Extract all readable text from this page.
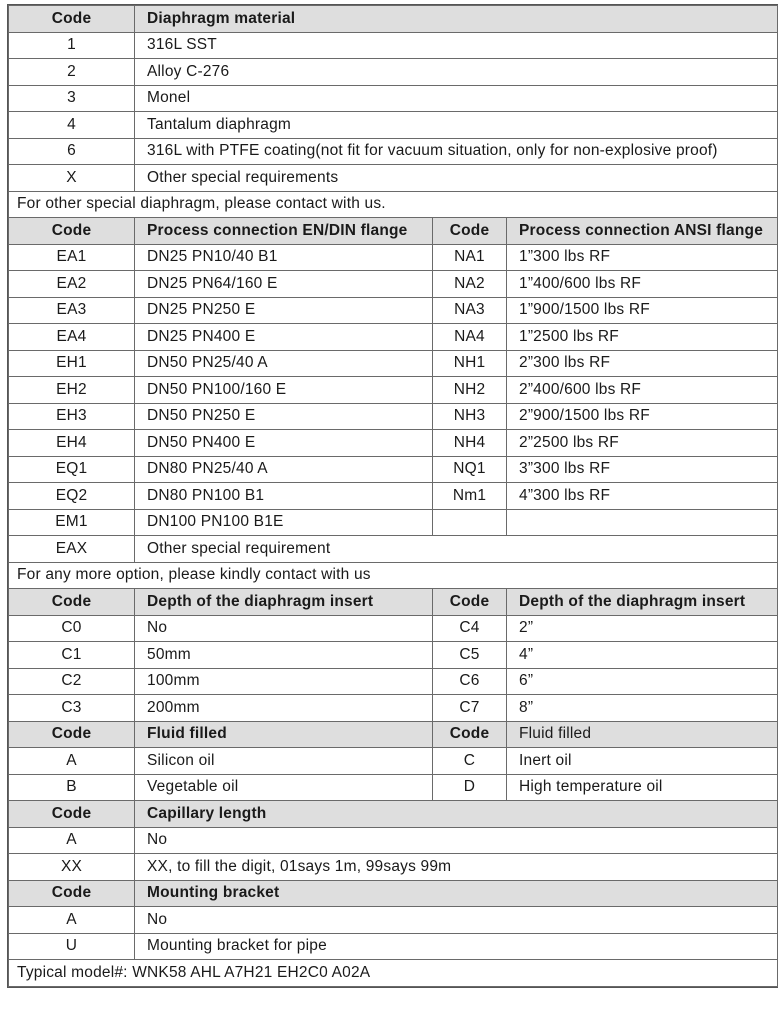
Code	Diaphragm material		
1	316L SST		
2	Alloy C-276		
3	Monel		
4	Tantalum diaphragm		
6	316L with PTFE coating(not fit for vacuum situation, only for non-explosive proof)		
X	Other special requirements		
For other special diaphragm, please contact with us.			
Code	Process connection EN/DIN flange	Code	Process connection ANSI flange
EA1	DN25 PN10/40 B1	NA1	1”300 lbs RF
EA2	DN25 PN64/160 E	NA2	1”400/600 lbs RF
EA3	DN25 PN250 E	NA3	1”900/1500 lbs RF
EA4	DN25 PN400 E	NA4	1”2500 lbs RF
EH1	DN50 PN25/40 A	NH1	2”300 lbs RF
EH2	DN50 PN100/160 E	NH2	2”400/600 lbs RF
EH3	DN50 PN250 E	NH3	2”900/1500 lbs RF
EH4	DN50 PN400 E	NH4	2”2500 lbs RF
EQ1	DN80 PN25/40 A	NQ1	3”300 lbs RF
EQ2	DN80 PN100 B1	Nm1	4”300 lbs RF
EM1	DN100 PN100 B1E		
EAX	Other special requirement		
For any more option, please kindly contact with us			
Code	Depth of the diaphragm insert	Code	Depth of the diaphragm insert
C0	No	C4	2”
C1	50mm	C5	4”
C2	100mm	C6	6”
C3	200mm	C7	8”
Code	Fluid filled	Code	Fluid filled
A	Silicon oil	C	Inert oil
B	Vegetable oil	D	High temperature oil
Code	Capillary length		
A	No		
XX	XX, to fill the digit, 01says 1m, 99says 99m		
Code	Mounting bracket		
A	No		
U	Mounting bracket for pipe		
Typical model#: WNK58 AHL A7H21 EH2C0 A02A			
